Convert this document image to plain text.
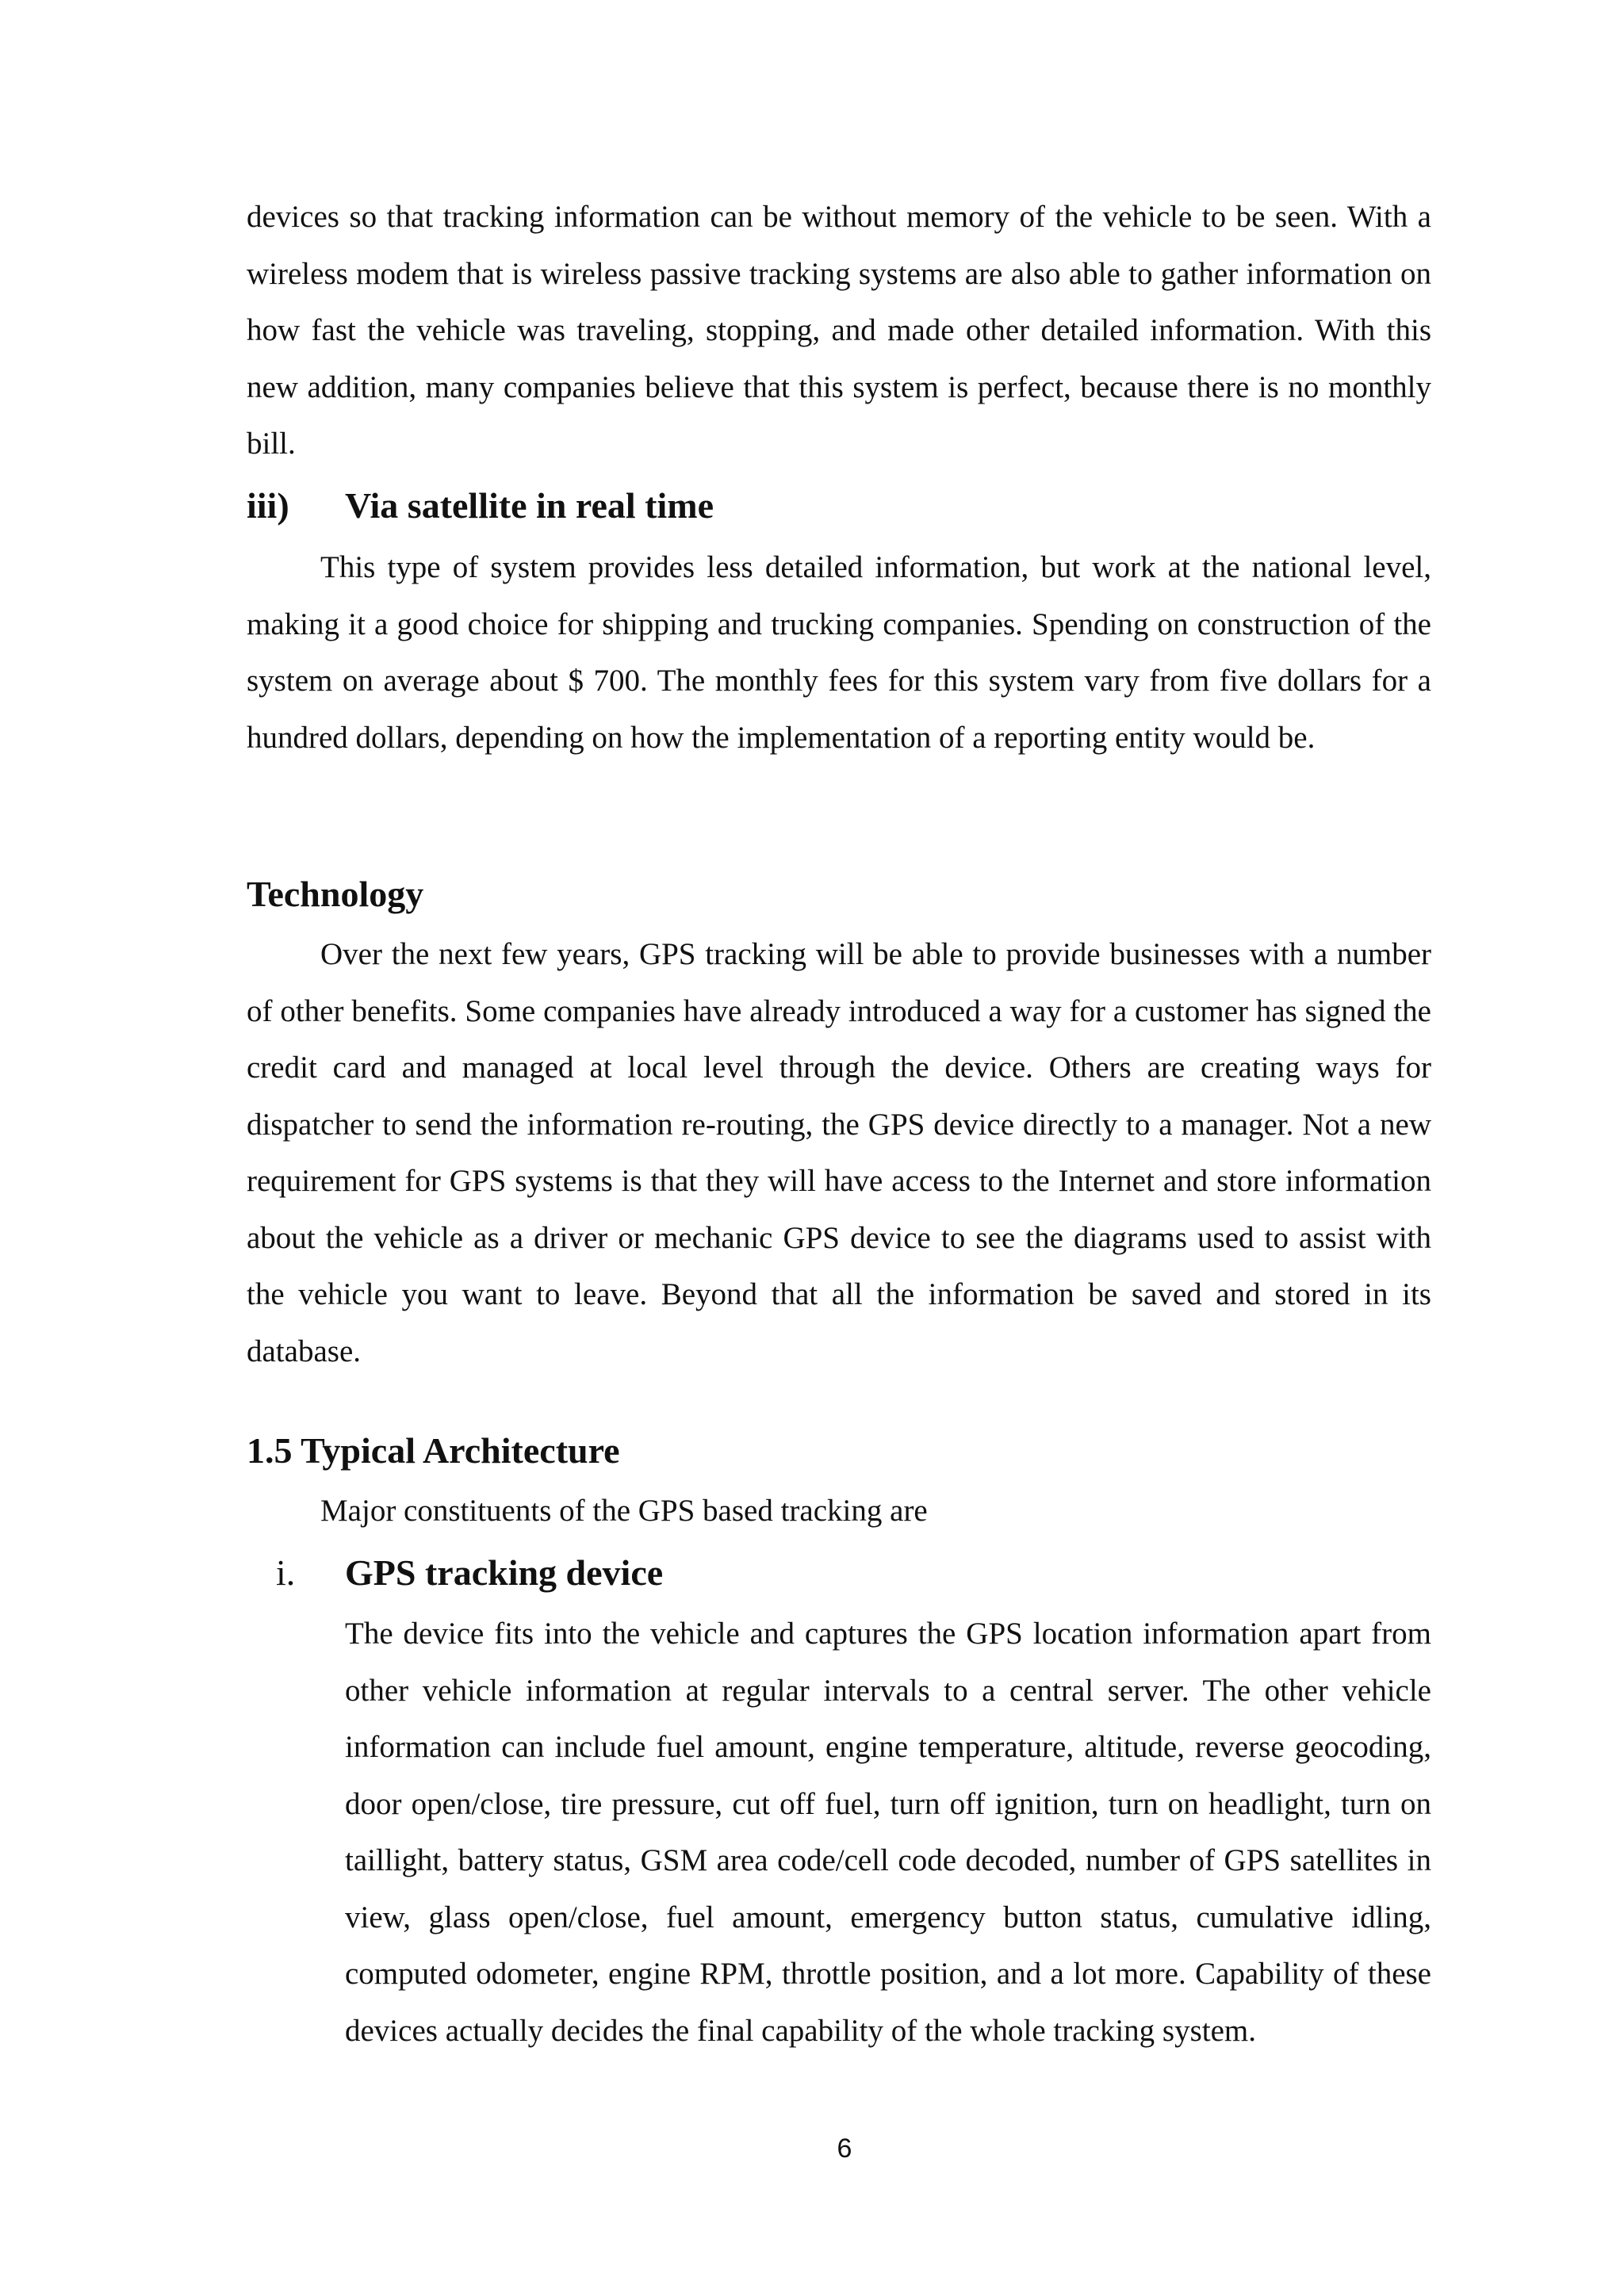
devices so that tracking information can be without memory of the vehicle to be seen. With a wireless modem that is wireless passive tracking systems are also able to gather information on how fast the vehicle was traveling, stopping, and made other detailed information. With this new addition, many companies believe that this system is perfect, because there is no monthly bill.

iii) Via satellite in real time

This type of system provides less detailed information, but work at the national level, making it a good choice for shipping and trucking companies. Spending on construction of the system on average about $ 700. The monthly fees for this system vary from five dollars for a hundred dollars, depending on how the implementation of a reporting entity would be.

Technology

Over the next few years, GPS tracking will be able to provide businesses with a number of other benefits. Some companies have already introduced a way for a customer has signed the credit card and managed at local level through the device. Others are creating ways for dispatcher to send the information re-routing, the GPS device directly to a manager. Not a new requirement for GPS systems is that they will have access to the Internet and store information about the vehicle as a driver or mechanic GPS device to see the diagrams used to assist with the vehicle you want to leave. Beyond that all the information be saved and stored in its database.

1.5 Typical Architecture

Major constituents of the GPS based tracking are

i. GPS tracking device

The device fits into the vehicle and captures the GPS location information apart from other vehicle information at regular intervals to a central server. The other vehicle information can include fuel amount, engine temperature, altitude, reverse geocoding, door open/close, tire pressure, cut off fuel, turn off ignition, turn on headlight, turn on taillight, battery status, GSM area code/cell code decoded, number of GPS satellites in view, glass open/close, fuel amount, emergency button status, cumulative idling, computed odometer, engine RPM, throttle position, and a lot more. Capability of these devices actually decides the final capability of the whole tracking system.

6
